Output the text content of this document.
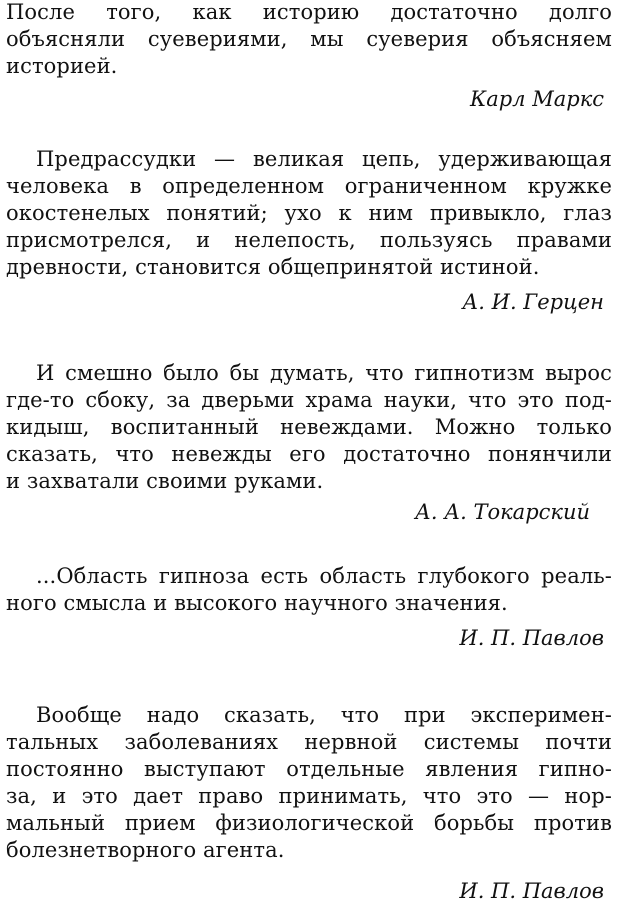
После того, как историю достаточно долго
объясняли суевериями, мы суеверия объясняем
историей.
Карл Маркс
Предрассудки — великая цепь, удерживающая
человека в определенном ограниченном кружке
окостенелых понятий; ухо к ним привыкло, глаз
присмотрелся, и нелепость, пользуясь правами
древности, становится общепринятой истиной.
А. И. Герцен
И смешно было бы думать, что гипнотизм вырос
где-то сбоку, за дверьми храма науки, что это под-
кидыш, воспитанный невеждами. Можно только
сказать, что невежды его достаточно понянчили
и захватали своими руками.
А. А. Токарский
...Область гипноза есть область глубокого реаль-
ного смысла и высокого научного значения.
И. П. Павлов
Вообще надо сказать, что при эксперимен-
тальных заболеваниях нервной системы почти
постоянно выступают отдельные явления гипно-
за, и это дает право принимать, что это — нор-
мальный прием физиологической борьбы против
болезнетворного агента.
И. П. Павлов
